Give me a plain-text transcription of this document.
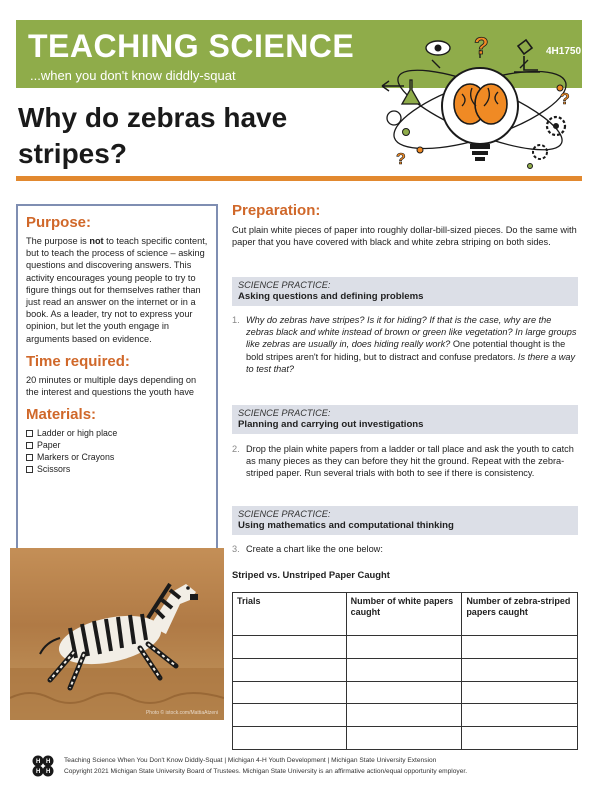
TEACHING SCIENCE
...when you don't know diddly-squat
4H1750
?
?
?
Why do zebras have
stripes?
Purpose:
The purpose is not to teach specific content, but to teach the process of science – asking questions and discovering answers. This activity encourages young people to try to figure things out for themselves rather than just read an answer on the internet or in a book. As a leader, try not to express your opinion, but let the youth engage in arguments based on evidence.
Time required:
20 minutes or multiple days depending on the interest and questions the youth have
Materials:
Ladder or high place
Paper
Markers or Crayons
Scissors
Photo © istock.com/MattiaAtzeni
Preparation:
Cut plain white pieces of paper into roughly dollar-bill-sized pieces. Do the same with paper that you have covered with black and white zebra striping on both sides.
SCIENCE PRACTICE:
Asking questions and defining problems
1. Why do zebras have stripes? Is it for hiding? If that is the case, why are the zebras black and white instead of brown or green like vegetation? In large groups like zebras are usually in, does hiding really work? One potential thought is the bold stripes aren't for hiding, but to distract and confuse predators. Is there a way to test that?
SCIENCE PRACTICE:
Planning and carrying out investigations
2. Drop the plain white papers from a ladder or tall place and ask the youth to catch as many pieces as they can before they hit the ground. Repeat with the zebra-striped paper. Run several trials with both to see if there is consistency.
SCIENCE PRACTICE:
Using mathematics and computational thinking
3. Create a chart like the one below:
Striped vs. Unstriped Paper Caught
Trials	Number of white papers caught	Number of zebra-striped papers caught

H H
H H
Teaching Science When You Don't Know Diddly-Squat | Michigan 4-H Youth Development | Michigan State University Extension
Copyright 2021 Michigan State University Board of Trustees. Michigan State University is an affirmative action/equal opportunity employer.
